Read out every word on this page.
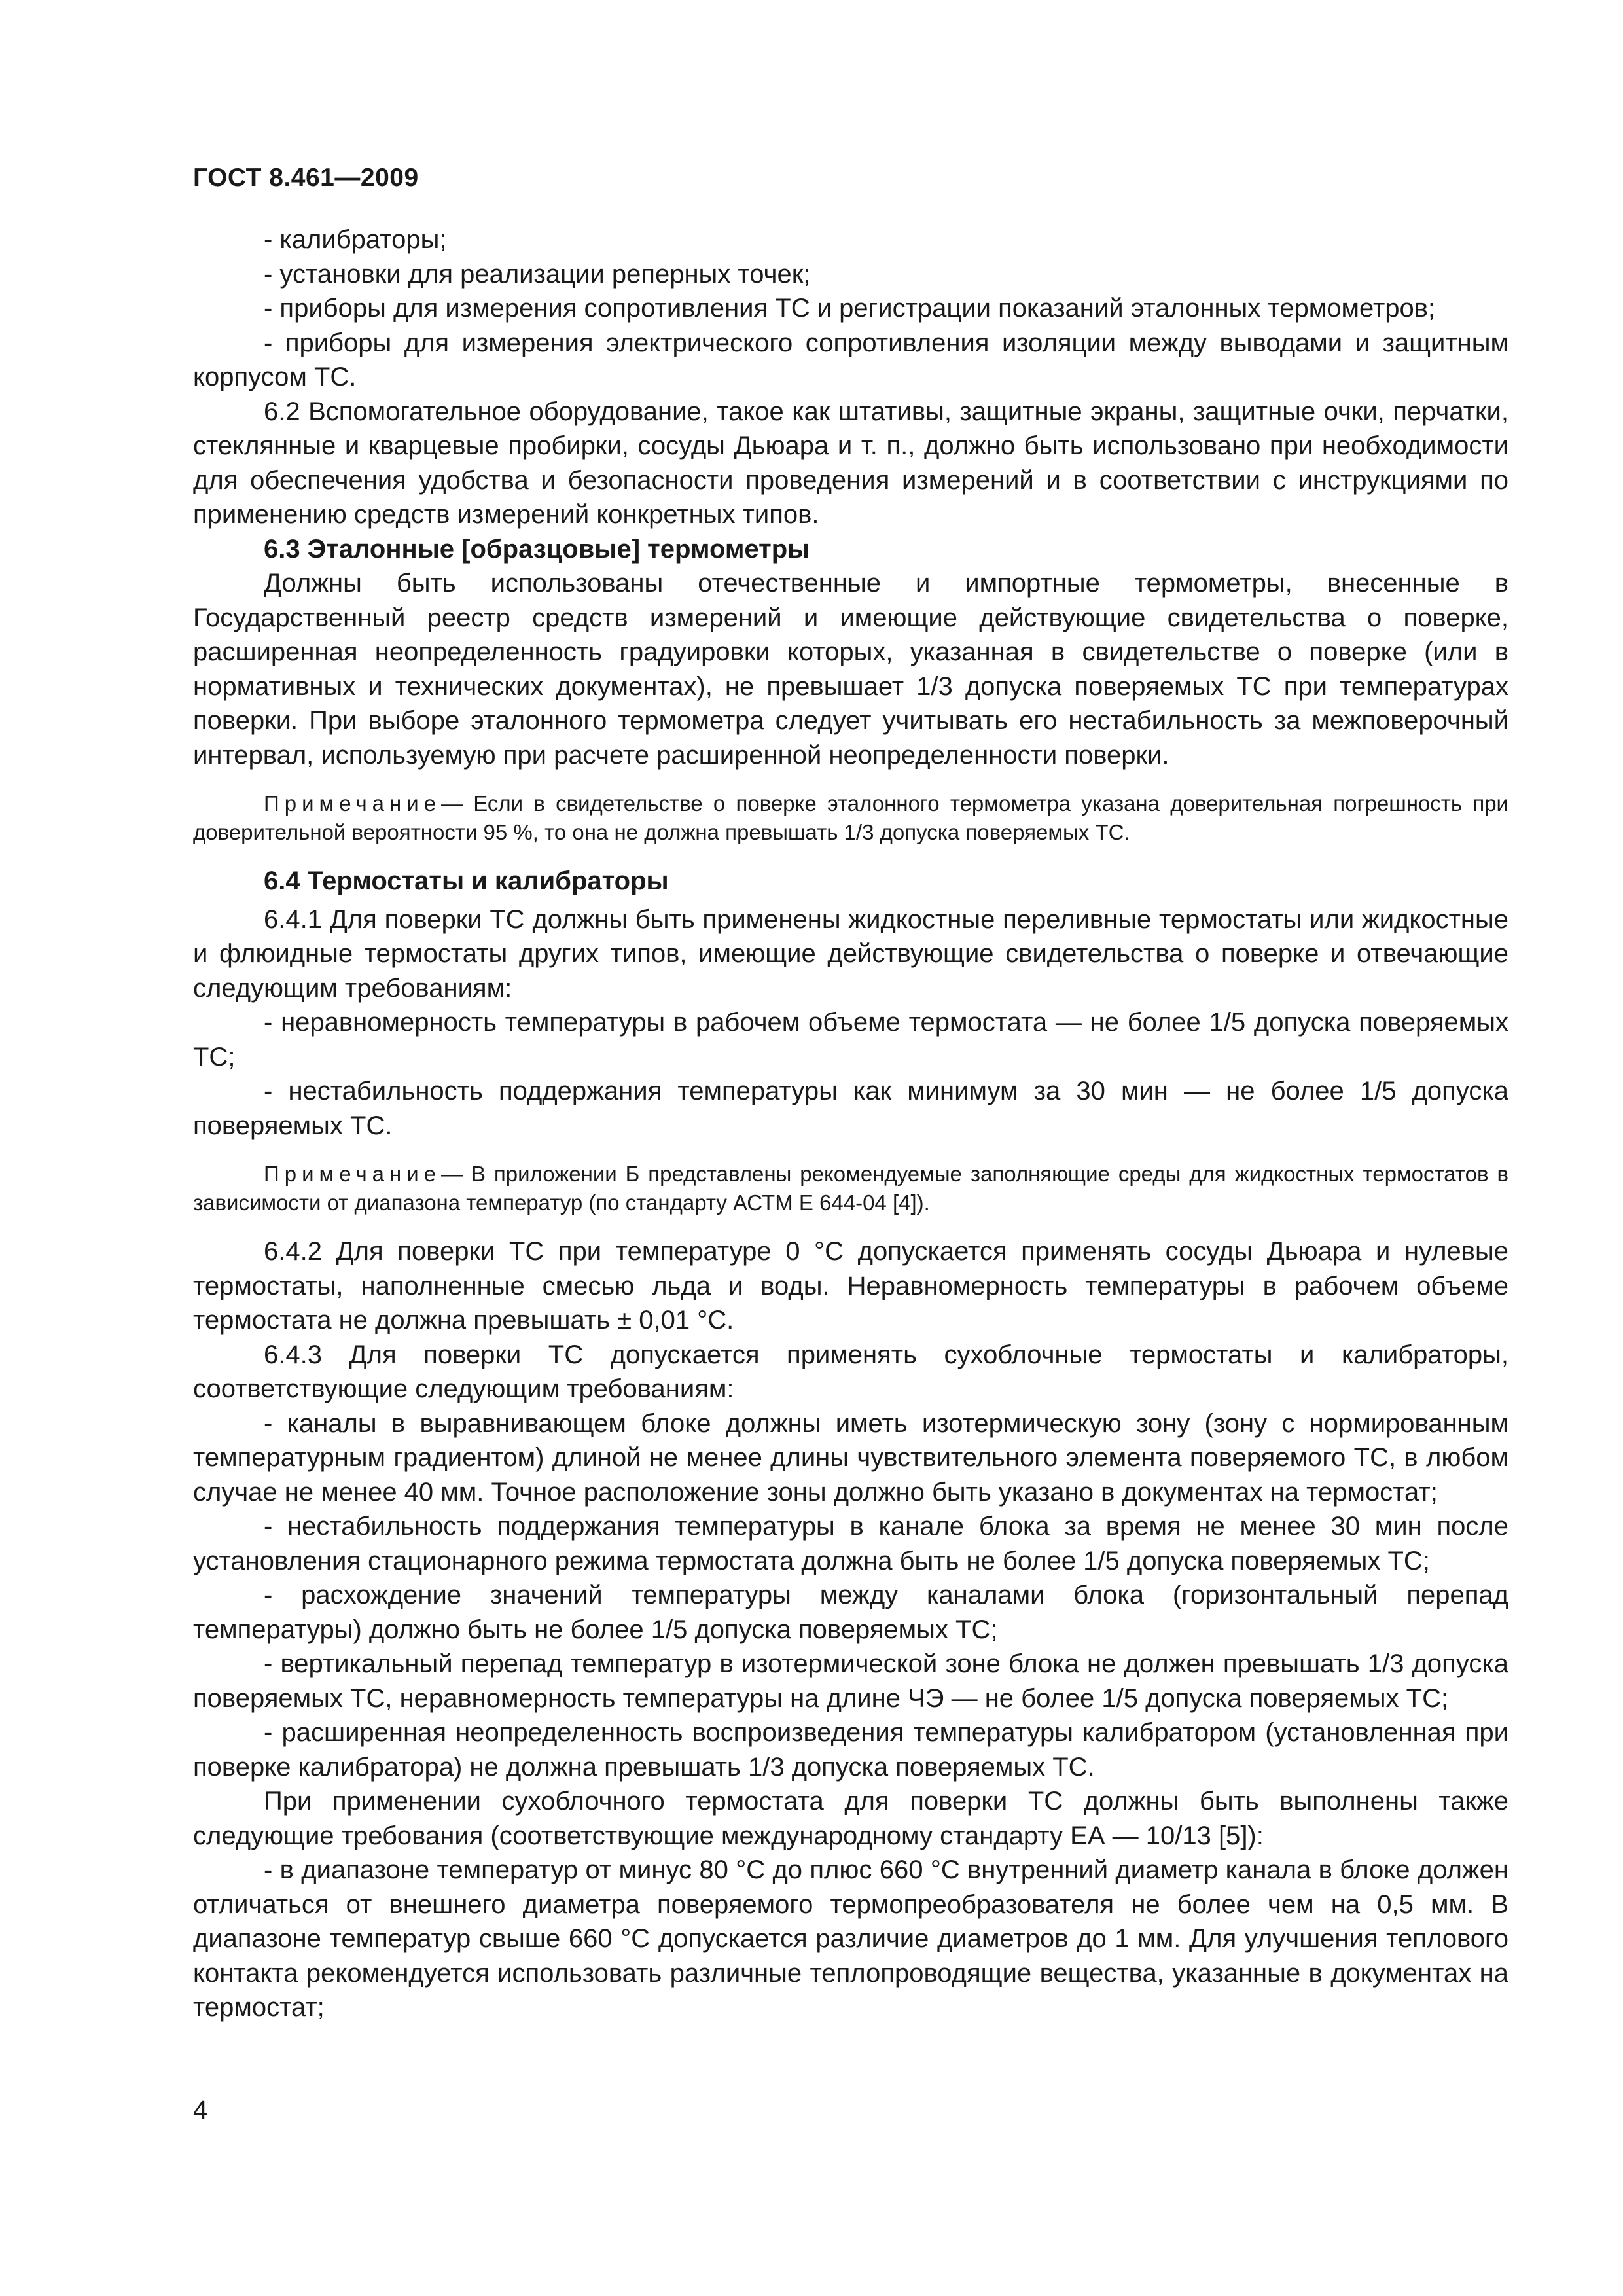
ГОСТ 8.461—2009

- калибраторы;

- установки для реализации реперных точек;

- приборы для измерения сопротивления ТС и регистрации показаний эталонных термометров;

- приборы для измерения электрического сопротивления изоляции между выводами и защитным корпусом ТС.

6.2 Вспомогательное оборудование, такое как штативы, защитные экраны, защитные очки, перчатки, стеклянные и кварцевые пробирки, сосуды Дьюара и т. п., должно быть использовано при необходимости для обеспечения удобства и безопасности проведения измерений и в соответствии с инструкциями по применению средств измерений конкретных типов.

6.3 Эталонные [образцовые] термометры

Должны быть использованы отечественные и импортные термометры, внесенные в Государственный реестр средств измерений и имеющие действующие свидетельства о поверке, расширенная неопределенность градуировки которых, указанная в свидетельстве о поверке (или в нормативных и технических документах), не превышает 1/3 допуска поверяемых ТС при температурах поверки. При выборе эталонного термометра следует учитывать его нестабильность за межповерочный интервал, используемую при расчете расширенной неопределенности поверки.

Примечание— Если в свидетельстве о поверке эталонного термометра указана доверительная погрешность при доверительной вероятности 95 %, то она не должна превышать 1/3 допуска поверяемых ТС.

6.4 Термостаты и калибраторы

6.4.1 Для поверки ТС должны быть применены жидкостные переливные термостаты или жидкостные и флюидные термостаты других типов, имеющие действующие свидетельства о поверке и отвечающие следующим требованиям:

- неравномерность температуры в рабочем объеме термостата — не более 1/5 допуска поверяемых ТС;

- нестабильность поддержания температуры как минимум за 30 мин — не более 1/5 допуска поверяемых ТС.

Примечание— В приложении Б представлены рекомендуемые заполняющие среды для жидкостных термостатов в зависимости от диапазона температур (по стандарту АСТМ Е 644-04 [4]).

6.4.2 Для поверки ТС при температуре 0 °С допускается применять сосуды Дьюара и нулевые термостаты, наполненные смесью льда и воды. Неравномерность температуры в рабочем объеме термостата не должна превышать ± 0,01 °С.

6.4.3 Для поверки ТС допускается применять сухоблочные термостаты и калибраторы, соответствующие следующим требованиям:

- каналы в выравнивающем блоке должны иметь изотермическую зону (зону с нормированным температурным градиентом) длиной не менее длины чувствительного элемента поверяемого ТС, в любом случае не менее 40 мм. Точное расположение зоны должно быть указано в документах на термостат;

- нестабильность поддержания температуры в канале блока за время не менее 30 мин после установления стационарного режима термостата должна быть не более 1/5 допуска поверяемых ТС;

- расхождение значений температуры между каналами блока (горизонтальный перепад температуры) должно быть не более 1/5 допуска поверяемых ТС;

- вертикальный перепад температур в изотермической зоне блока не должен превышать 1/3 допуска поверяемых ТС, неравномерность температуры на длине ЧЭ — не более 1/5 допуска поверяемых ТС;

- расширенная неопределенность воспроизведения температуры калибратором (установленная при поверке калибратора) не должна превышать 1/3 допуска поверяемых ТС.

При применении сухоблочного термостата для поверки ТС должны быть выполнены также следующие требования (соответствующие международному стандарту ЕА — 10/13 [5]):

- в диапазоне температур от минус 80 °С до плюс 660 °С внутренний диаметр канала в блоке должен отличаться от внешнего диаметра поверяемого термопреобразователя не более чем на 0,5 мм. В диапазоне температур свыше 660 °С допускается различие диаметров до 1 мм. Для улучшения теплового контакта рекомендуется использовать различные теплопроводящие вещества, указанные в документах на термостат;

4
